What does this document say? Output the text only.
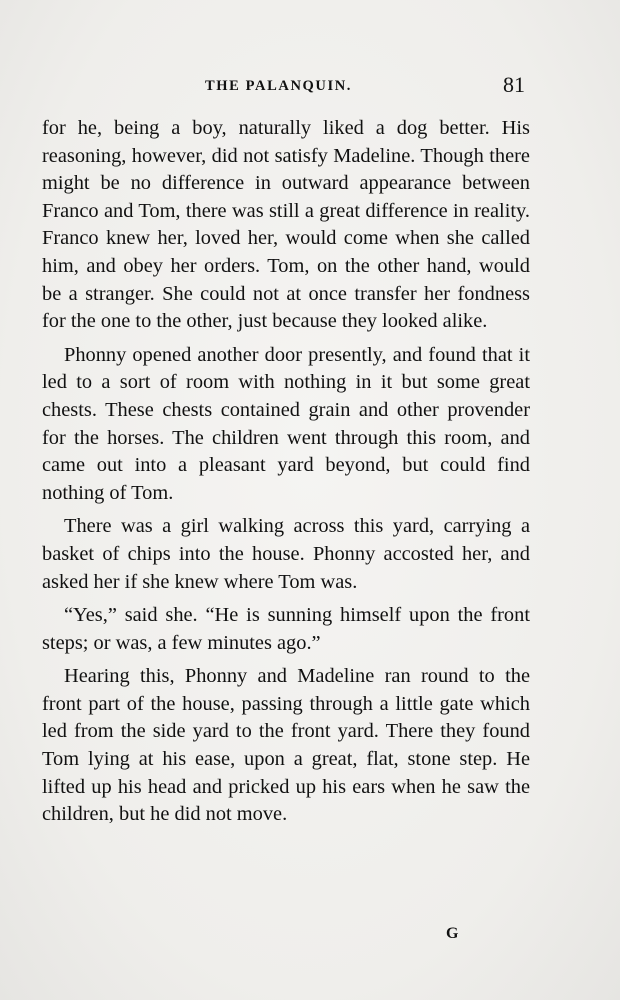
THE PALANQUIN.	81

for he, being a boy, naturally liked a dog better. His reasoning, however, did not satisfy Madeline. Though there might be no difference in outward appearance between Franco and Tom, there was still a great difference in reality. Franco knew her, loved her, would come when she called him, and obey her orders. Tom, on the other hand, would be a stranger. She could not at once transfer her fondness for the one to the other, just because they looked alike.

Phonny opened another door presently, and found that it led to a sort of room with nothing in it but some great chests. These chests contained grain and other provender for the horses. The children went through this room, and came out into a pleasant yard beyond, but could find nothing of Tom.

There was a girl walking across this yard, carrying a basket of chips into the house. Phonny accosted her, and asked her if she knew where Tom was.

“Yes,” said she. “He is sunning himself upon the front steps; or was, a few minutes ago.”

Hearing this, Phonny and Madeline ran round to the front part of the house, passing through a little gate which led from the side yard to the front yard. There they found Tom lying at his ease, upon a great, flat, stone step. He lifted up his head and pricked up his ears when he saw the children, but he did not move.

G
